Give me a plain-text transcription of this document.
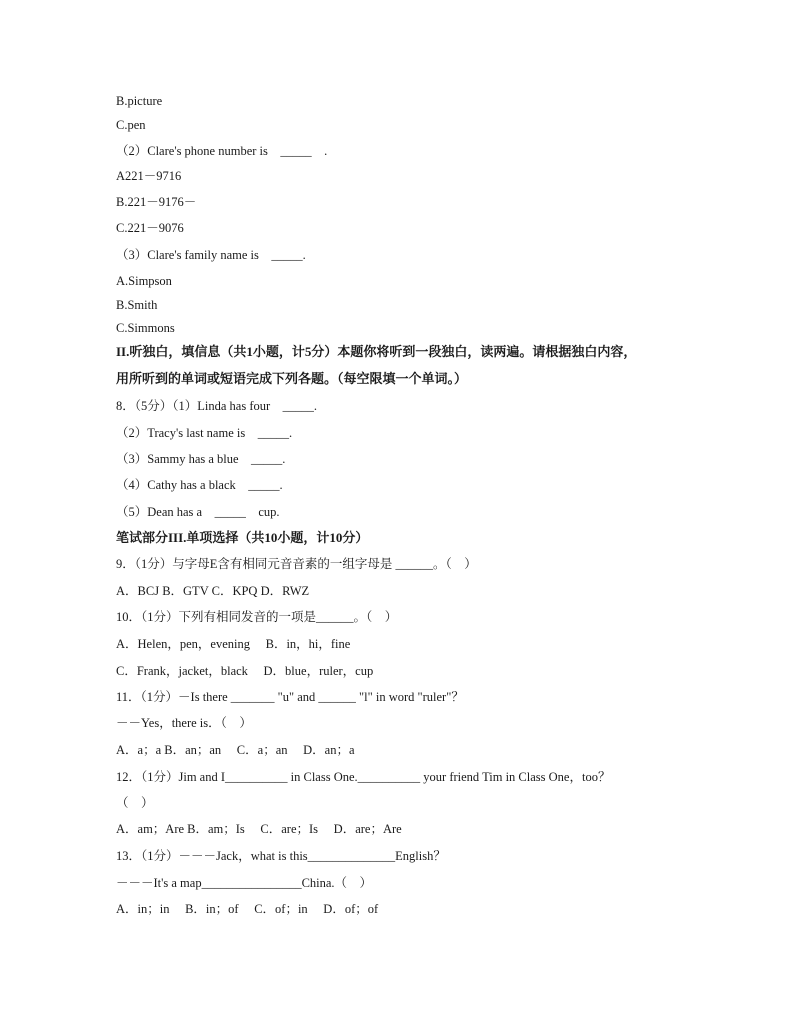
B.picture
C.pen
（2）Clare's phone number is　_____　.
A221－9716
B.221－9176－
C.221－9076
（3）Clare's family name is　_____.
A.Simpson
B.Smith
C.Simmons
II.听独白，填信息（共1小题，计5分）本题你将听到一段独白，读两遍。请根据独白内容，
用所听到的单词或短语完成下列各题。（每空限填一个单词。）
8．（5分）（1）Linda has four　_____.
（2）Tracy's last name is　_____.
（3）Sammy has a blue　_____.
（4）Cathy has a black　_____.
（5）Dean has a　_____　cup.
笔试部分III.单项选择（共10小题，计10分）
9．（1分）与字母E含有相同元音音素的一组字母是 ______。（　）
A．BCJ B．GTV C．KPQ D．RWZ
10．（1分）下列有相同发音的一项是______。（　）
A．Helen，pen，evening　 B．in，hi，fine
C．Frank，jacket，black　 D．blue，ruler，cup
11．（1分）－Is there _______ "u" and ______ "l" in word "ruler"？
－－Yes，there is．（　）
A．a；a B．an；an　 C．a；an　 D．an；a
12．（1分）Jim and I__________ in Class One.__________ your friend Tim in Class One，too？
（　）
A．am；Are B．am；Is　 C．are；Is　 D．are；Are
13．（1分）－－－Jack，what is this______________English？
－－－It's a map________________China.（　）
A．in；in　 B．in；of　 C．of；in　 D．of；of
